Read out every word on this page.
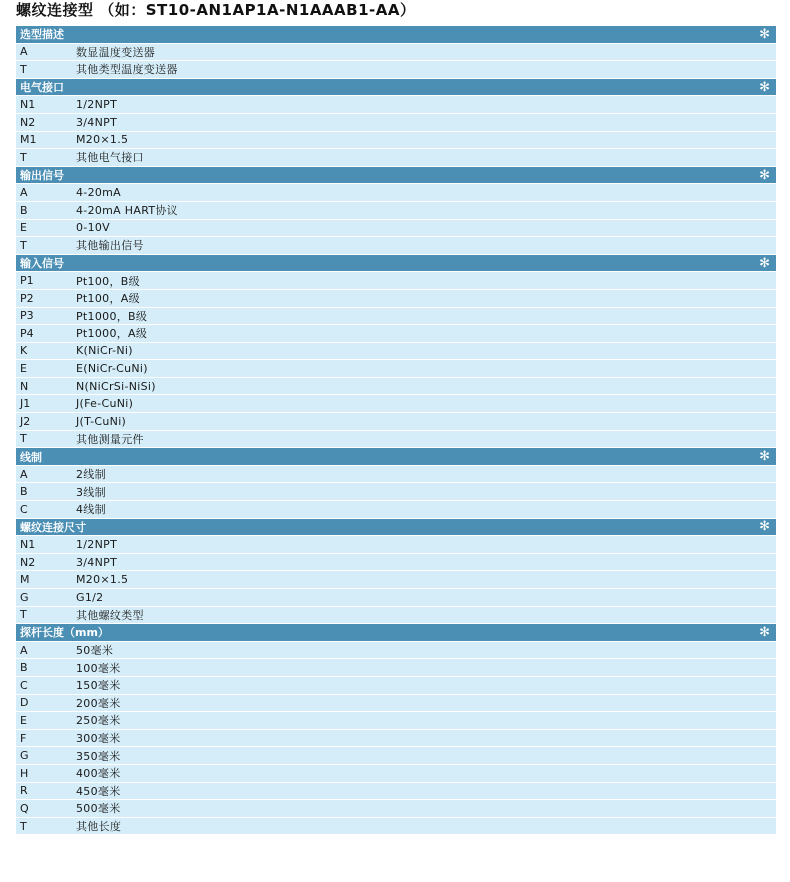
螺纹连接型 （如：ST10-AN1AP1A-N1AAAB1-AA）
选型描述	✻
A	数显温度变送器
T	其他类型温度变送器
电气接口	✻
N1	1/2NPT
N2	3/4NPT
M1	M20×1.5
T	其他电气接口
输出信号	✻
A	4-20mA
B	4-20mA HART协议
E	0-10V
T	其他输出信号
输入信号	✻
P1	Pt100，B级
P2	Pt100，A级
P3	Pt1000，B级
P4	Pt1000，A级
K	K(NiCr-Ni)
E	E(NiCr-CuNi)
N	N(NiCrSi-NiSi)
J1	J(Fe-CuNi)
J2	J(T-CuNi)
T	其他测量元件
线制	✻
A	2线制
B	3线制
C	4线制
螺纹连接尺寸	✻
N1	1/2NPT
N2	3/4NPT
M	M20×1.5
G	G1/2
T	其他螺纹类型
探杆长度（mm）	✻
A	50毫米
B	100毫米
C	150毫米
D	200毫米
E	250毫米
F	300毫米
G	350毫米
H	400毫米
R	450毫米
Q	500毫米
T	其他长度
